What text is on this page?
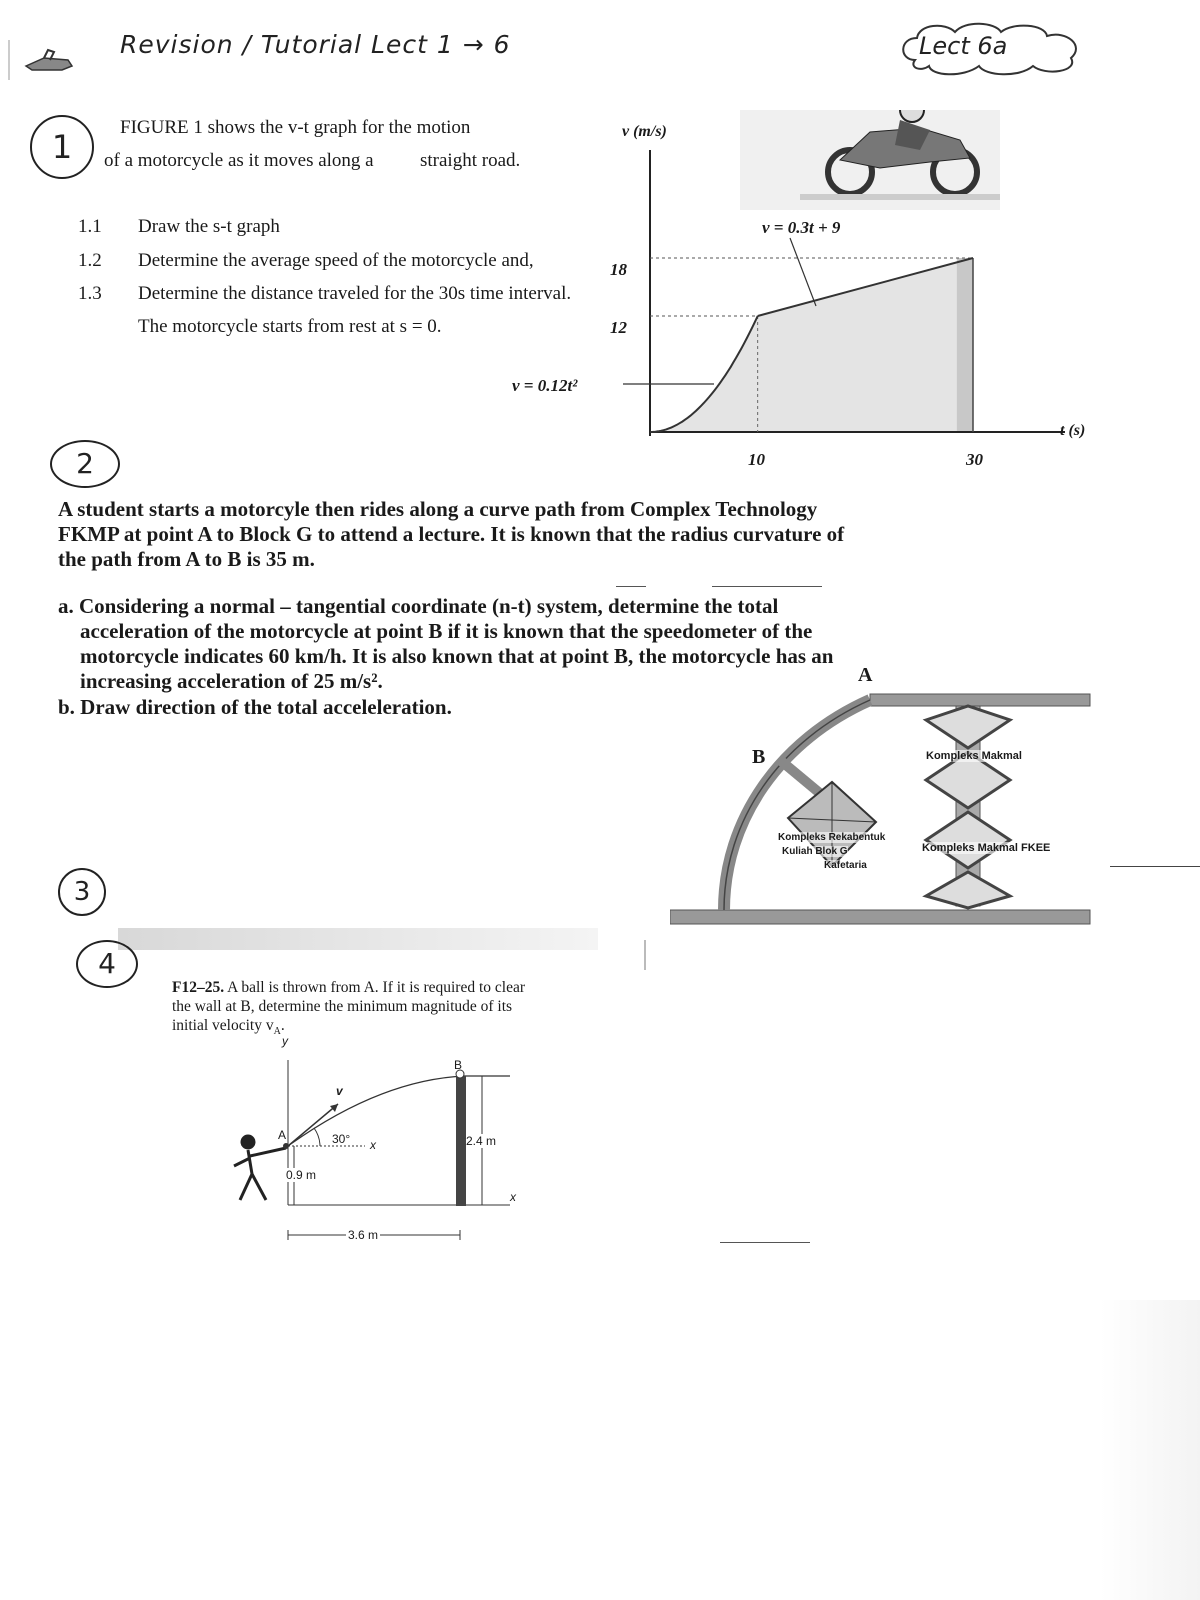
Revision / Tutorial Lect 1 → 6	Lect 6a
1
FIGURE 1 shows the v-t graph for the motion
of a motorcycle as it moves along a straight road.
1.1 Draw the s-t graph
1.2 Determine the average speed of the motorcycle and,
1.3 Determine the distance traveled for the 30s time interval.
The motorcycle starts from rest at s = 0.
v (m/s)
t (s)
18
12
10	30
v = 0.3t + 9
v = 0.12t²
2
A student starts a motorcyle then rides along a curve path from Complex Technology
FKMP at point A to Block G to attend a lecture. It is known that the radius curvature of
the path from A to B is 35 m.
a. Considering a normal – tangential coordinate (n-t) system, determine the total
acceleration of the motorcycle at point B if it is known that the speedometer of the
motorcycle indicates 60 km/h. It is also known that at point B, the motorcycle has an
increasing acceleration of 25 m/s².
b. Draw direction of the total acceleleration.
A
B	Kompleks Makmal
Kompleks Makmal FKEE
Kompleks Rekabentuk
Kuliah Blok G
Kafetaria
3
4
F12–25. A ball is thrown from A. If it is required to clear
the wall at B, determine the minimum magnitude of its
initial velocity $v_A$.
y
x
x
v
A
B
30°
0.9 m
2.4 m
3.6 m
